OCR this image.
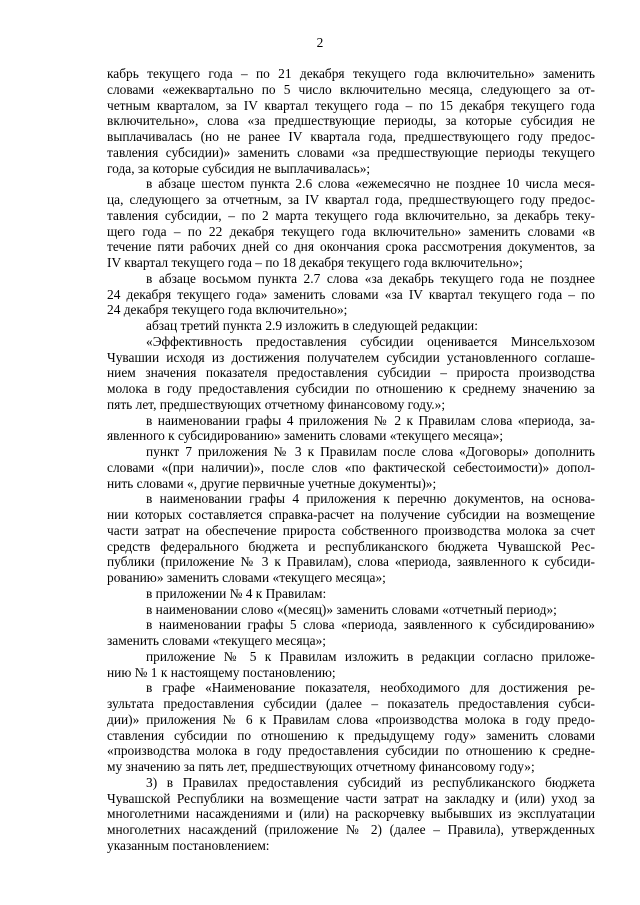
2
кабрь текущего года – по 21 декабря текущего года включительно» заменить
словами «ежеквартально по 5 число включительно месяца, следующего за от-
четным кварталом, за IV квартал текущего года – по 15 декабря текущего года
включительно», слова «за предшествующие периоды, за которые субсидия не
выплачивалась (но не ранее IV квартала года, предшествующего году предос-
тавления субсидии)» заменить словами «за предшествующие периоды текущего
года, за которые субсидия не выплачивалась»;
в абзаце шестом пункта 2.6 слова «ежемесячно не позднее 10 числа меся-
ца, следующего за отчетным, за IV квартал года, предшествующего году предос-
тавления субсидии, – по 2 марта текущего года включительно, за декабрь теку-
щего года – по 22 декабря текущего года включительно» заменить словами «в
течение пяти рабочих дней со дня окончания срока рассмотрения документов, за
IV квартал текущего года – по 18 декабря текущего года включительно»;
в абзаце восьмом пункта 2.7 слова «за декабрь текущего года не позднее
24 декабря текущего года» заменить словами «за IV квартал текущего года – по
24 декабря текущего года включительно»;
абзац третий пункта 2.9 изложить в следующей редакции:
«Эффективность предоставления субсидии оценивается Минсельхозом
Чувашии исходя из достижения получателем субсидии установленного соглаше-
нием значения показателя предоставления субсидии – прироста производства
молока в году предоставления субсидии по отношению к среднему значению за
пять лет, предшествующих отчетному финансовому году.»;
в наименовании графы 4 приложения № 2 к Правилам слова «периода, за-
явленного к субсидированию» заменить словами «текущего месяца»;
пункт 7 приложения № 3 к Правилам после слова «Договоры» дополнить
словами «(при наличии)», после слов «по фактической себестоимости)» допол-
нить словами «, другие первичные учетные документы)»;
в наименовании графы 4 приложения к перечню документов, на основа-
нии которых составляется справка-расчет на получение субсидии на возмещение
части затрат на обеспечение прироста собственного производства молока за счет
средств федерального бюджета и республиканского бюджета Чувашской Рес-
публики (приложение № 3 к Правилам), слова «периода, заявленного к субсиди-
рованию» заменить словами «текущего месяца»;
в приложении № 4 к Правилам:
в наименовании слово «(месяц)» заменить словами «отчетный период»;
в наименовании графы 5 слова «периода, заявленного к субсидированию»
заменить словами «текущего месяца»;
приложение № 5 к Правилам изложить в редакции согласно приложе-
нию № 1 к настоящему постановлению;
в графе «Наименование показателя, необходимого для достижения ре-
зультата предоставления субсидии (далее – показатель предоставления субси-
дии)» приложения № 6 к Правилам слова «производства молока в году предо-
ставления субсидии по отношению к предыдущему году» заменить словами
«производства молока в году предоставления субсидии по отношению к средне-
му значению за пять лет, предшествующих отчетному финансовому году»;
3) в Правилах предоставления субсидий из республиканского бюджета
Чувашской Республики на возмещение части затрат на закладку и (или) уход за
многолетними насаждениями и (или) на раскорчевку выбывших из эксплуатации
многолетних насаждений (приложение № 2) (далее – Правила), утвержденных
указанным постановлением:
